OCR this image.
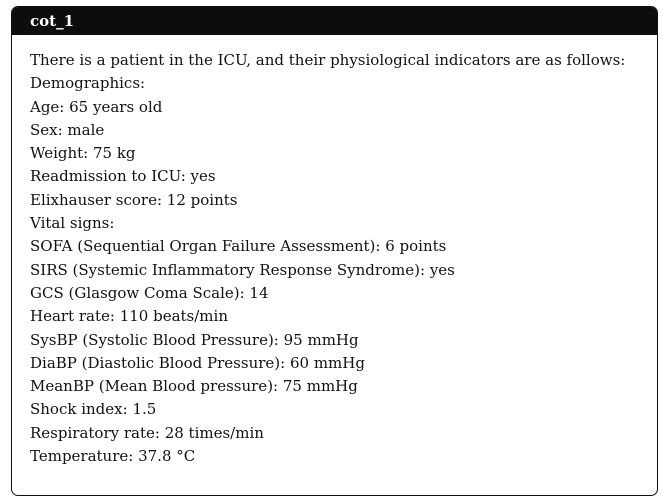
cot_1
There is a patient in the ICU, and their physiological indicators are as follows:
Demographics:
Age: 65 years old
Sex: male
Weight: 75 kg
Readmission to ICU: yes
Elixhauser score: 12 points
Vital signs:
SOFA (Sequential Organ Failure Assessment): 6 points
SIRS (Systemic Inflammatory Response Syndrome): yes
GCS (Glasgow Coma Scale): 14
Heart rate: 110 beats/min
SysBP (Systolic Blood Pressure): 95 mmHg
DiaBP (Diastolic Blood Pressure): 60 mmHg
MeanBP (Mean Blood pressure): 75 mmHg
Shock index: 1.5
Respiratory rate: 28 times/min
Temperature: 37.8 °C
